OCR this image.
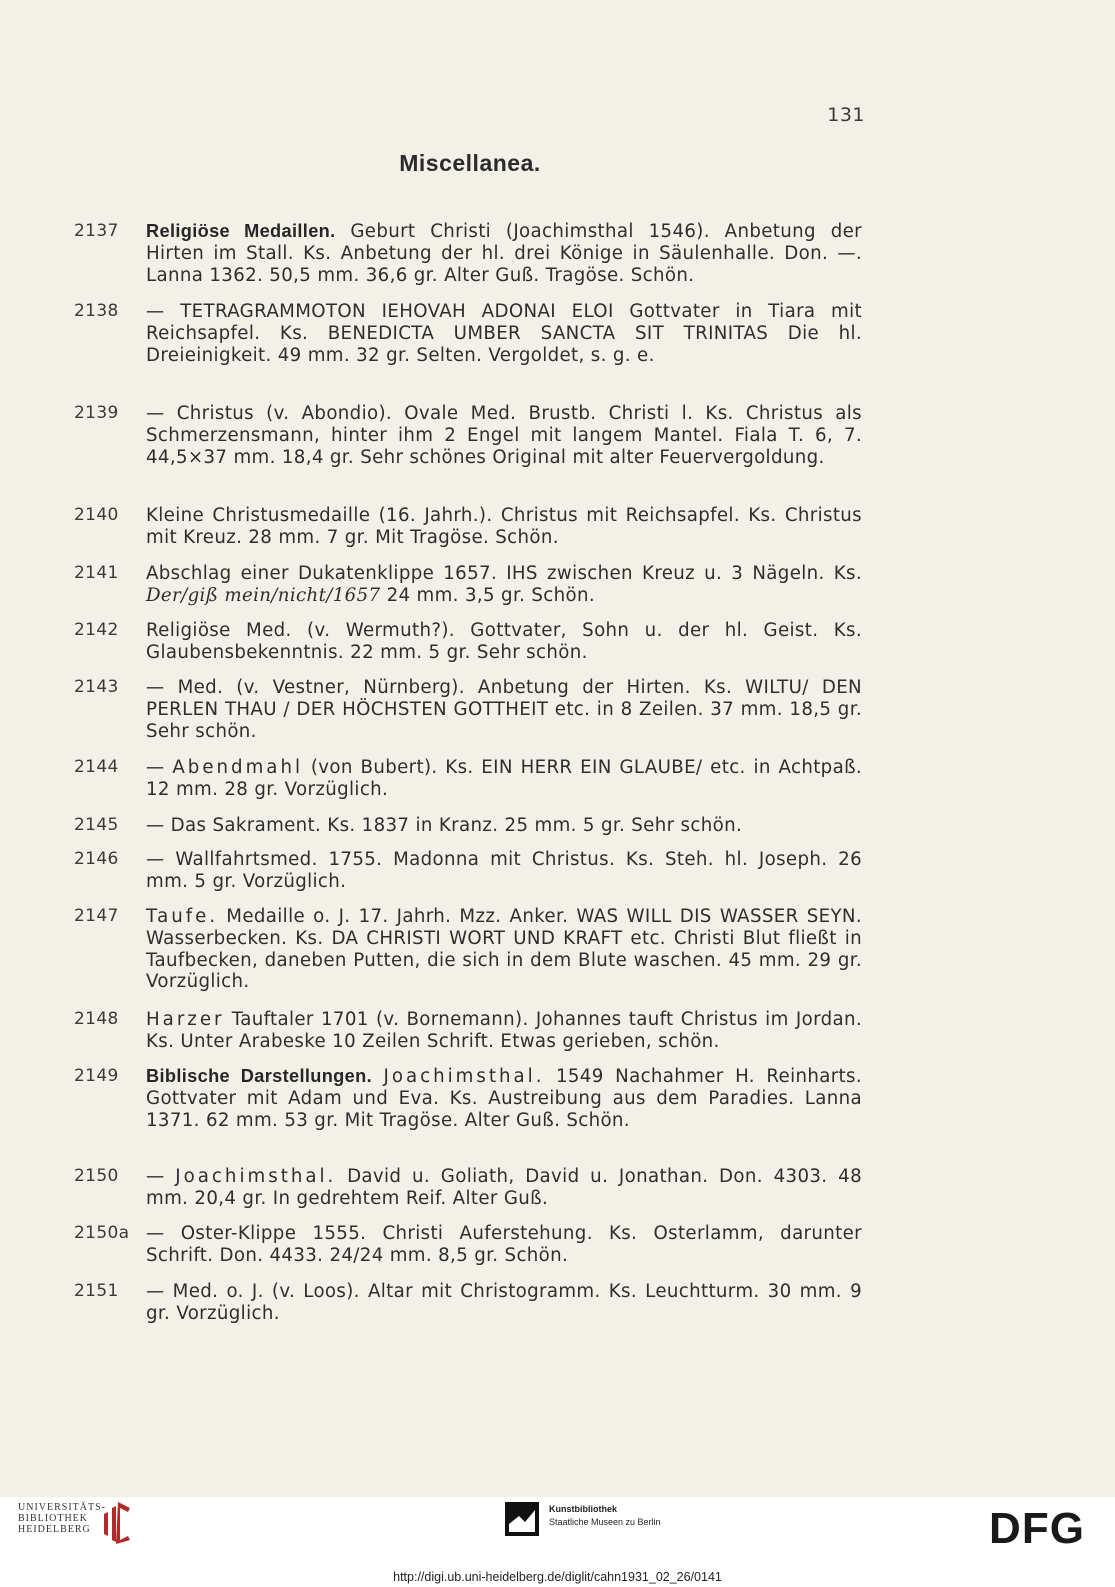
131
Miscellanea.
2137	Religiöse Medaillen. Geburt Christi (Joachimsthal 1546). Anbetung der Hirten im Stall. Ks. Anbetung der hl. drei Könige in Säulenhalle. Don. —. Lanna 1362. 50,5 mm. 36,6 gr. Alter Guß. Tragöse. Schön.
2138	— TETRAGRAMMOTON IEHOVAH ADONAI ELOI Gottvater in Tiara mit Reichsapfel. Ks. BENEDICTA UMBER SANCTA SIT TRINITAS Die hl. Dreieinigkeit. 49 mm. 32 gr. Selten. Vergoldet, s. g. e.
2139	— Christus (v. Abondio). Ovale Med. Brustb. Christi l. Ks. Christus als Schmerzensmann, hinter ihm 2 Engel mit langem Mantel. Fiala T. 6, 7. 44,5×37 mm. 18,4 gr. Sehr schönes Original mit alter Feuervergoldung.
2140	Kleine Christusmedaille (16. Jahrh.). Christus mit Reichsapfel. Ks. Christus mit Kreuz. 28 mm. 7 gr. Mit Tragöse. Schön.
2141	Abschlag einer Dukatenklippe 1657. IHS zwischen Kreuz u. 3 Nägeln. Ks. Der/giß mein/nicht/1657 24 mm. 3,5 gr. Schön.
2142	Religiöse Med. (v. Wermuth?). Gottvater, Sohn u. der hl. Geist. Ks. Glaubensbekenntnis. 22 mm. 5 gr. Sehr schön.
2143	— Med. (v. Vestner, Nürnberg). Anbetung der Hirten. Ks. WILTU/ DEN PERLEN THAU / DER HÖCHSTEN GOTTHEIT etc. in 8 Zeilen. 37 mm. 18,5 gr. Sehr schön.
2144	— Abendmahl (von Bubert). Ks. EIN HERR EIN GLAUBE/ etc. in Achtpaß. 12 mm. 28 gr. Vorzüglich.
2145	— Das Sakrament. Ks. 1837 in Kranz. 25 mm. 5 gr. Sehr schön.
2146	— Wallfahrtsmed. 1755. Madonna mit Christus. Ks. Steh. hl. Joseph. 26 mm. 5 gr. Vorzüglich.
2147	Taufe. Medaille o. J. 17. Jahrh. Mzz. Anker. WAS WILL DIS WASSER SEYN. Wasserbecken. Ks. DA CHRISTI WORT UND KRAFT etc. Christi Blut fließt in Taufbecken, daneben Putten, die sich in dem Blute waschen. 45 mm. 29 gr. Vorzüglich.
2148	Harzer Tauftaler 1701 (v. Bornemann). Johannes tauft Christus im Jordan. Ks. Unter Arabeske 10 Zeilen Schrift. Etwas gerieben, schön.
2149	Biblische Darstellungen. Joachimsthal. 1549 Nachahmer H. Reinharts. Gottvater mit Adam und Eva. Ks. Austreibung aus dem Paradies. Lanna 1371. 62 mm. 53 gr. Mit Tragöse. Alter Guß. Schön.
2150	— Joachimsthal. David u. Goliath, David u. Jonathan. Don. 4303. 48 mm. 20,4 gr. In gedrehtem Reif. Alter Guß.
2150a — Oster-Klippe 1555. Christi Auferstehung. Ks. Osterlamm, darunter Schrift. Don. 4433. 24/24 mm. 8,5 gr. Schön.
2151	— Med. o. J. (v. Loos). Altar mit Christogramm. Ks. Leuchtturm. 30 mm. 9 gr. Vorzüglich.
UNIVERSITÄTS-
BIBLIOTHEK
HEIDELBERG
Kunstbibliothek
Staatliche Museen zu Berlin	DFG
http://digi.ub.uni-heidelberg.de/diglit/cahn1931_02_26/0141
